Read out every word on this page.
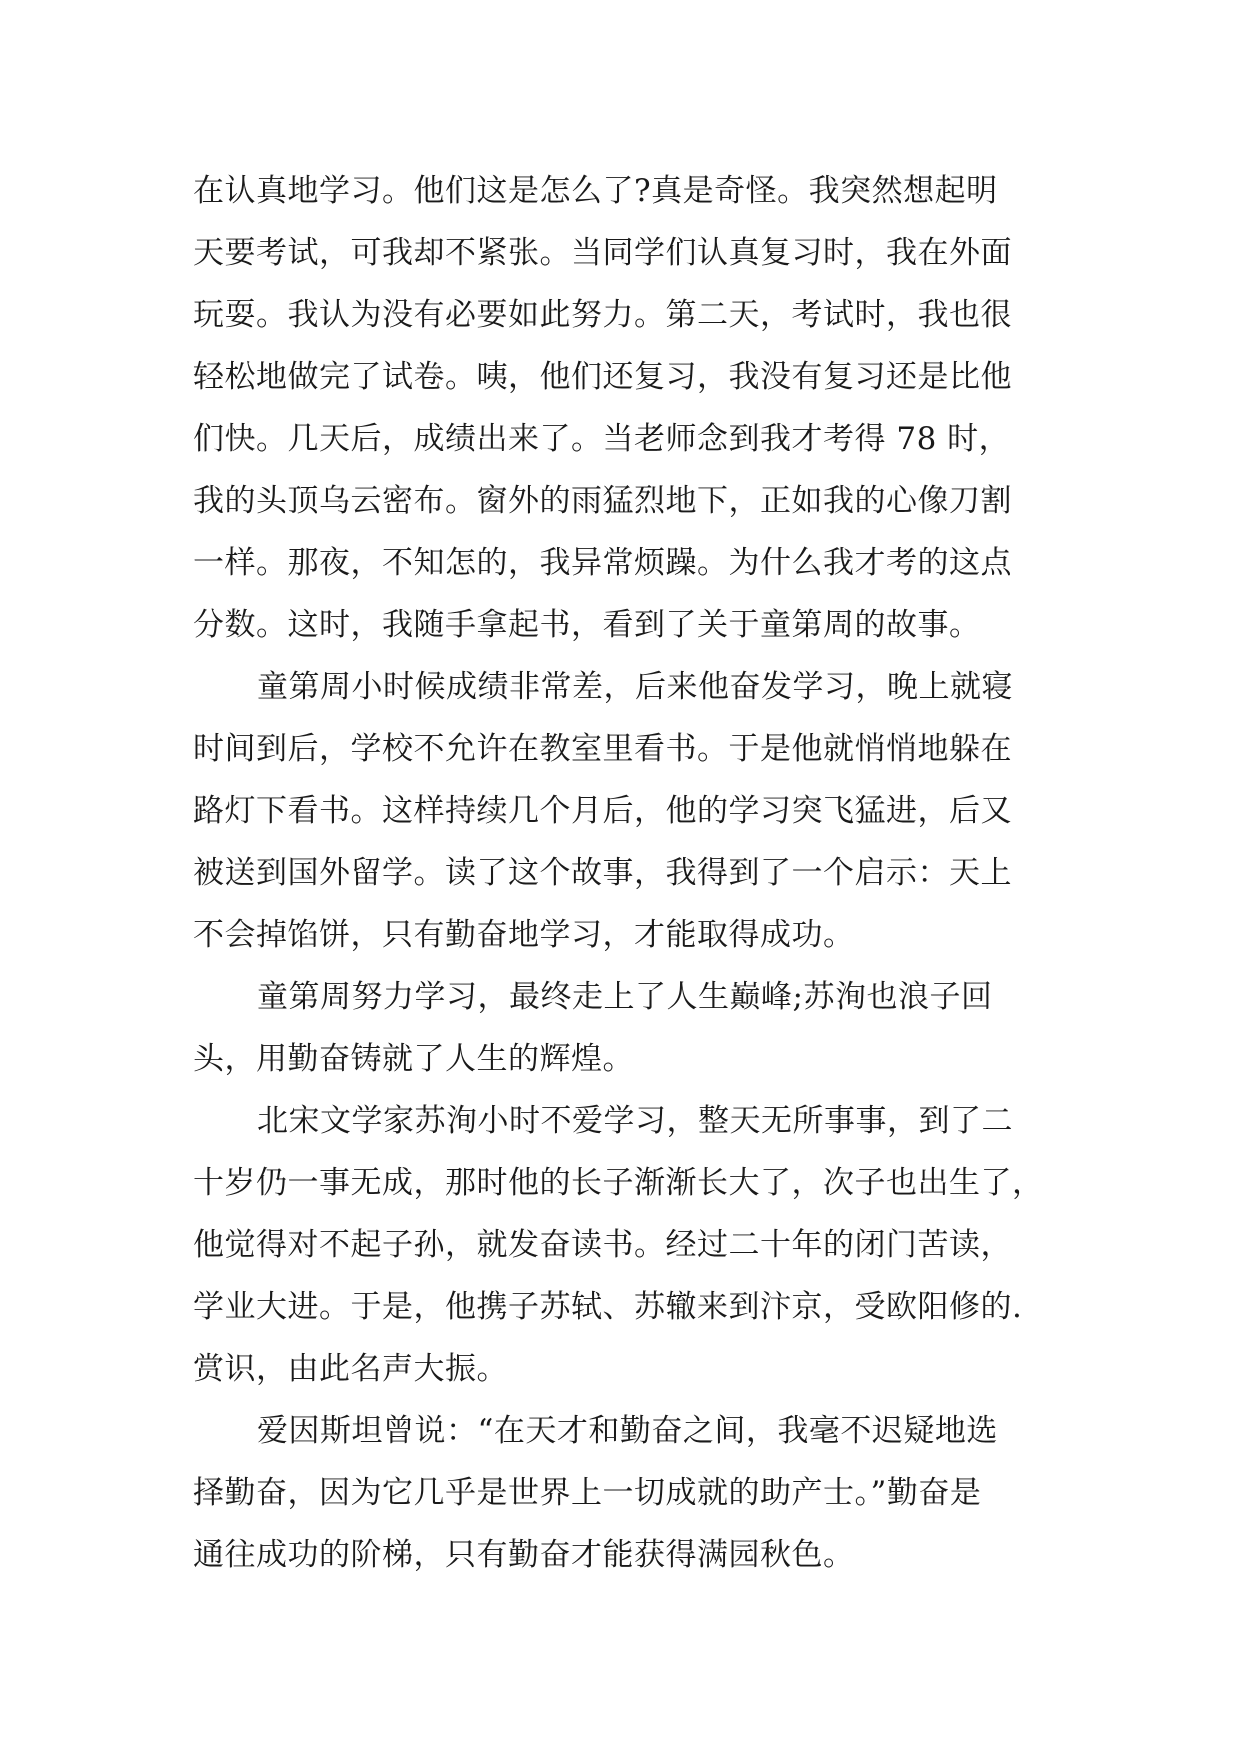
在认真地学习。他们这是怎么了?真是奇怪。我突然想起明
天要考试，可我却不紧张。当同学们认真复习时，我在外面
玩耍。我认为没有必要如此努力。第二天，考试时，我也很
轻松地做完了试卷。咦，他们还复习，我没有复习还是比他
们快。几天后，成绩出来了。当老师念到我才考得 78 时，
我的头顶乌云密布。窗外的雨猛烈地下，正如我的心像刀割
一样。那夜，不知怎的，我异常烦躁。为什么我才考的这点
分数。这时，我随手拿起书，看到了关于童第周的故事。
童第周小时候成绩非常差，后来他奋发学习，晚上就寝
时间到后，学校不允许在教室里看书。于是他就悄悄地躲在
路灯下看书。这样持续几个月后，他的学习突飞猛进，后又
被送到国外留学。读了这个故事，我得到了一个启示：天上
不会掉馅饼，只有勤奋地学习，才能取得成功。
童第周努力学习，最终走上了人生巅峰;苏洵也浪子回
头，用勤奋铸就了人生的辉煌。
北宋文学家苏洵小时不爱学习，整天无所事事，到了二
十岁仍一事无成，那时他的长子渐渐长大了，次子也出生了，
他觉得对不起子孙，就发奋读书。经过二十年的闭门苦读，
学业大进。于是，他携子苏轼、苏辙来到汴京，受欧阳修的.
赏识，由此名声大振。
爱因斯坦曾说：“在天才和勤奋之间，我毫不迟疑地选
择勤奋，因为它几乎是世界上一切成就的助产士。”勤奋是
通往成功的阶梯，只有勤奋才能获得满园秋色。
